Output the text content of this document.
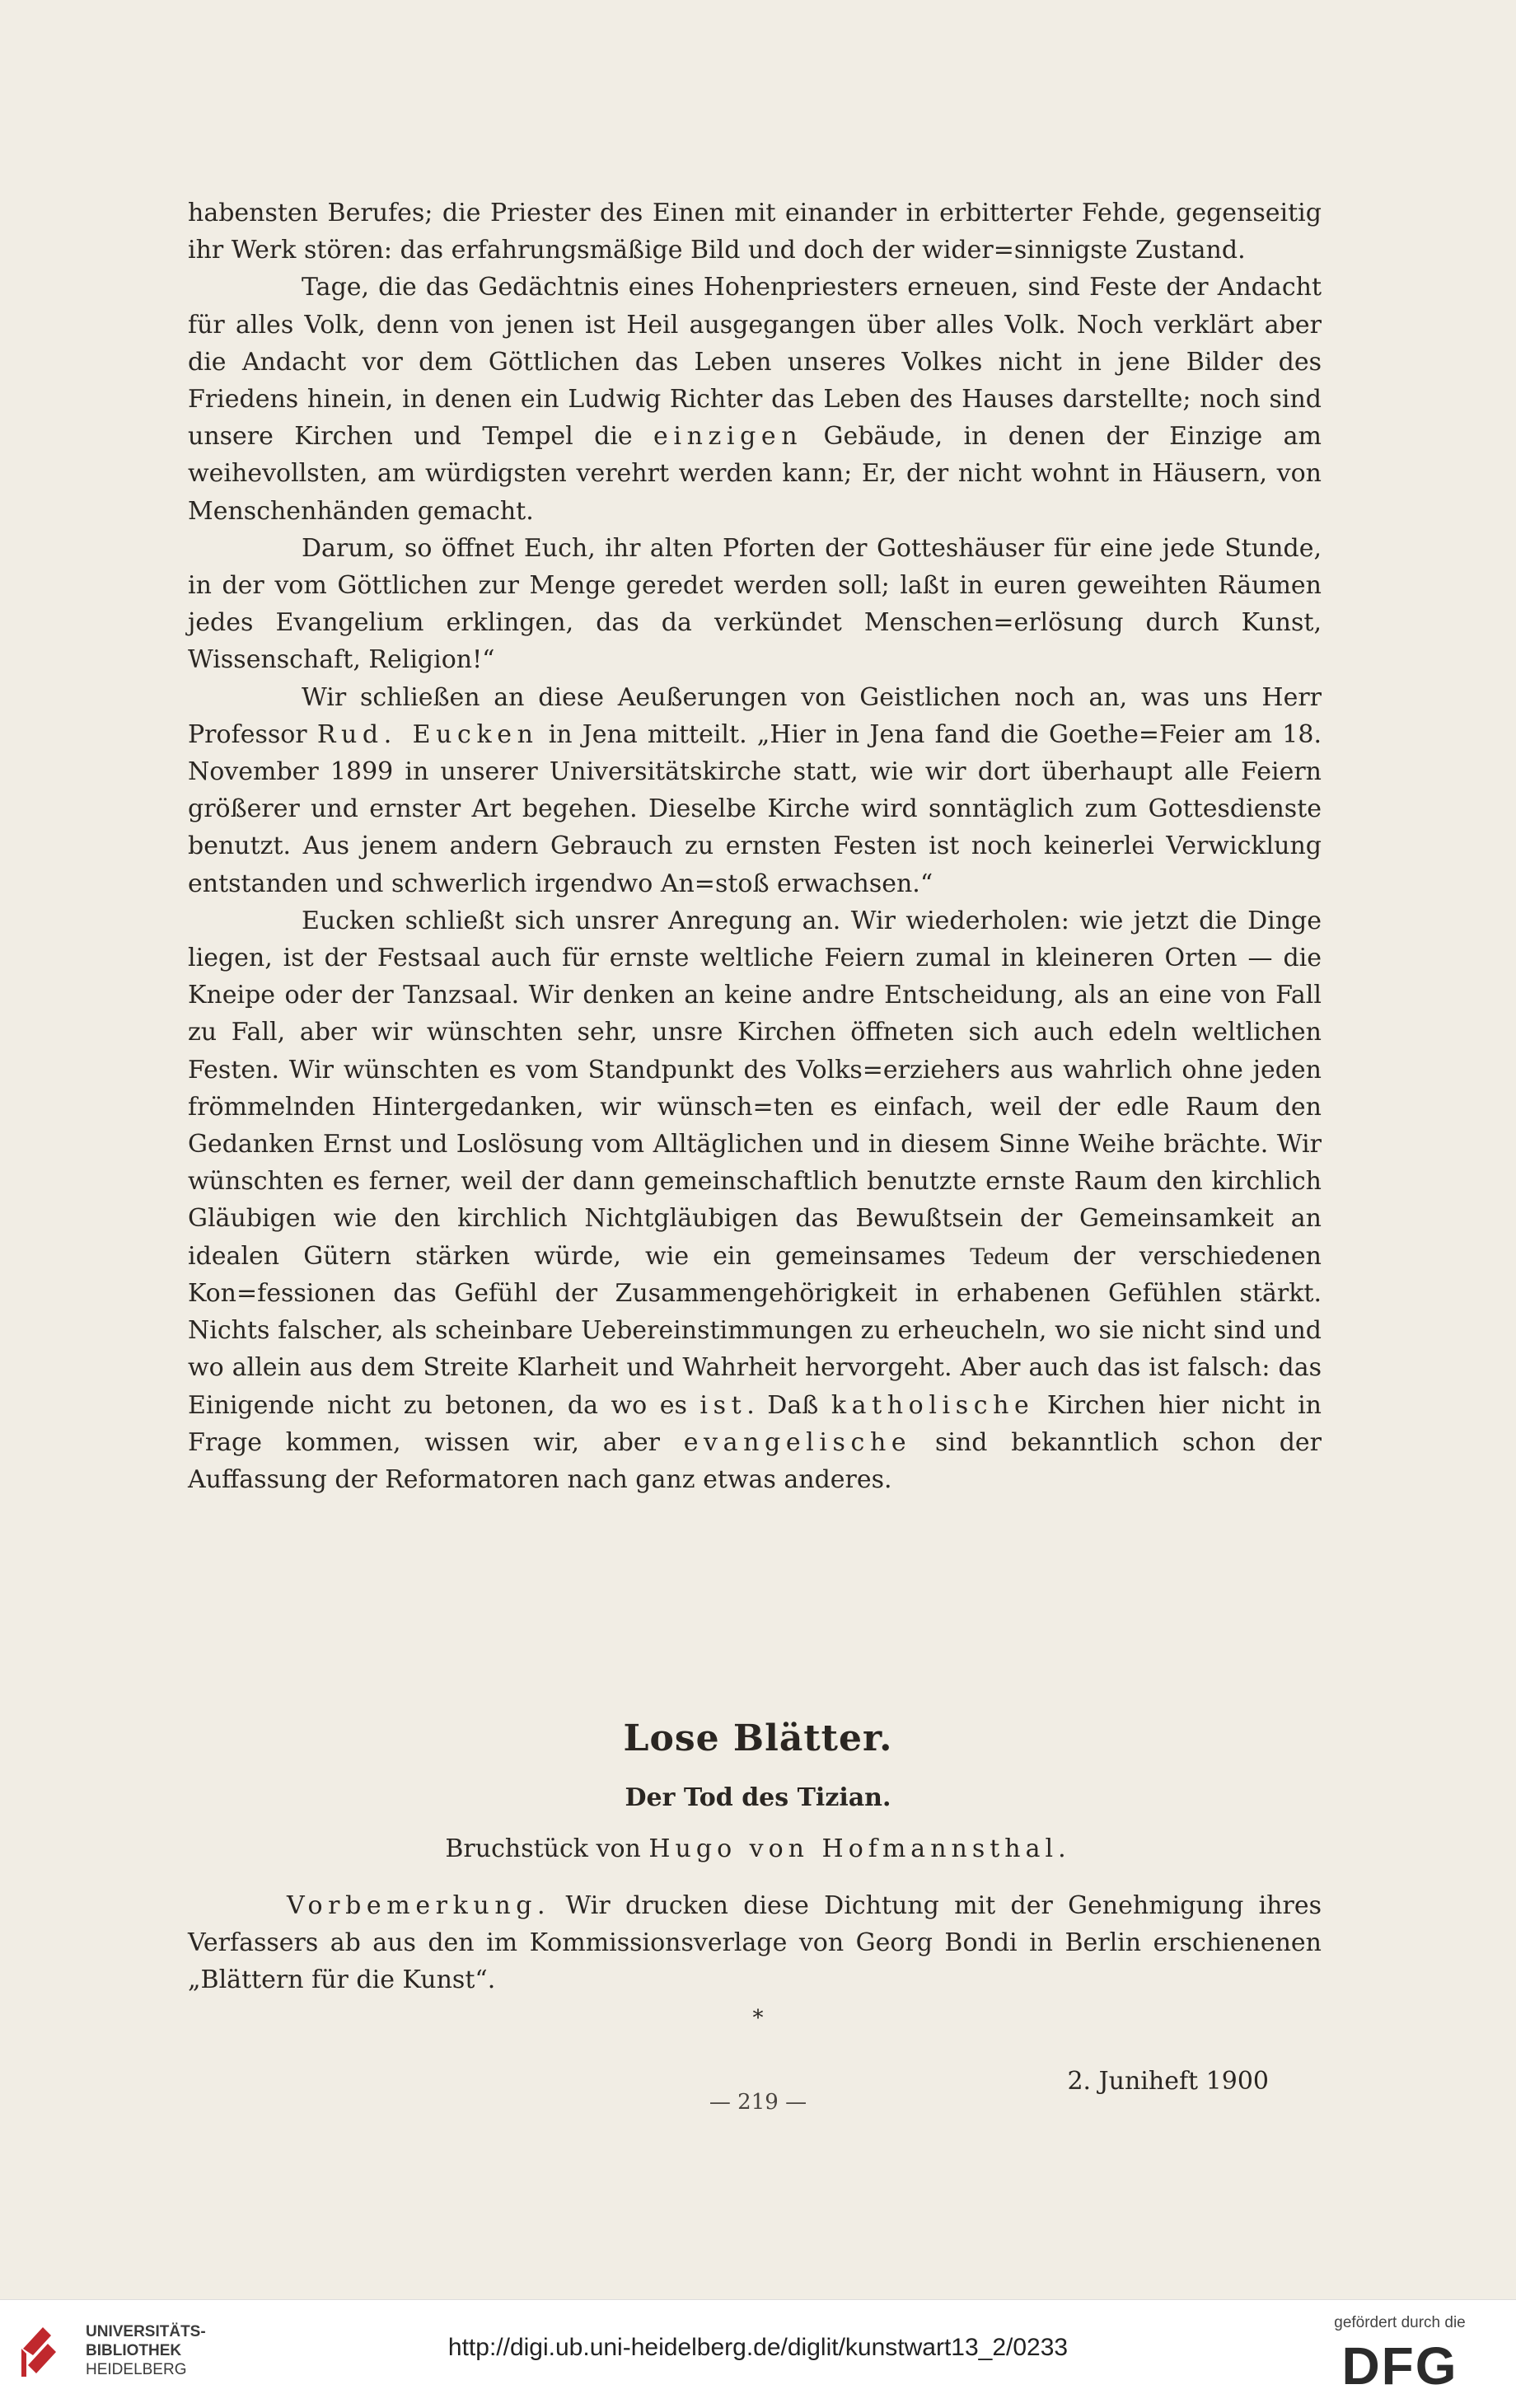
habensten Berufes; die Priester des Einen mit einander in erbitterter Fehde, gegenseitig ihr Werk stören: das erfahrungsmäßige Bild und doch der wider=sinnigste Zustand.

Tage, die das Gedächtnis eines Hohenpriesters erneuen, sind Feste der Andacht für alles Volk, denn von jenen ist Heil ausgegangen über alles Volk. Noch verklärt aber die Andacht vor dem Göttlichen das Leben unseres Volkes nicht in jene Bilder des Friedens hinein, in denen ein Ludwig Richter das Leben des Hauses darstellte; noch sind unsere Kirchen und Tempel die einzigen Gebäude, in denen der Einzige am weihevollsten, am würdigsten verehrt werden kann; Er, der nicht wohnt in Häusern, von Menschenhänden gemacht.

Darum, so öffnet Euch, ihr alten Pforten der Gotteshäuser für eine jede Stunde, in der vom Göttlichen zur Menge geredet werden soll; laßt in euren geweihten Räumen jedes Evangelium erklingen, das da verkündet Menschen=erlösung durch Kunst, Wissenschaft, Religion!“

Wir schließen an diese Aeußerungen von Geistlichen noch an, was uns Herr Professor Rud. Eucken in Jena mitteilt. „Hier in Jena fand die Goethe=Feier am 18. November 1899 in unserer Universitätskirche statt, wie wir dort überhaupt alle Feiern größerer und ernster Art begehen. Dieselbe Kirche wird sonntäglich zum Gottesdienste benutzt. Aus jenem andern Gebrauch zu ernsten Festen ist noch keinerlei Verwicklung entstanden und schwerlich irgendwo An=stoß erwachsen.“

Eucken schließt sich unsrer Anregung an. Wir wiederholen: wie jetzt die Dinge liegen, ist der Festsaal auch für ernste weltliche Feiern zumal in kleineren Orten — die Kneipe oder der Tanzsaal. Wir denken an keine andre Entscheidung, als an eine von Fall zu Fall, aber wir wünschten sehr, unsre Kirchen öffneten sich auch edeln weltlichen Festen. Wir wünschten es vom Standpunkt des Volks=erziehers aus wahrlich ohne jeden frömmelnden Hintergedanken, wir wünsch=ten es einfach, weil der edle Raum den Gedanken Ernst und Loslösung vom Alltäglichen und in diesem Sinne Weihe brächte. Wir wünschten es ferner, weil der dann gemeinschaftlich benutzte ernste Raum den kirchlich Gläubigen wie den kirchlich Nichtgläubigen das Bewußtsein der Gemeinsamkeit an idealen Gütern stärken würde, wie ein gemeinsames Tedeum der verschiedenen Kon=fessionen das Gefühl der Zusammengehörigkeit in erhabenen Gefühlen stärkt. Nichts falscher, als scheinbare Uebereinstimmungen zu erheucheln, wo sie nicht sind und wo allein aus dem Streite Klarheit und Wahrheit hervorgeht. Aber auch das ist falsch: das Einigende nicht zu betonen, da wo es ist. Daß katholische Kirchen hier nicht in Frage kommen, wissen wir, aber evangelische sind bekanntlich schon der Auffassung der Reformatoren nach ganz etwas anderes.

Lose Blätter.
Der Tod des Tizian.
Bruchstück von Hugo von Hofmannsthal.

Vorbemerkung. Wir drucken diese Dichtung mit der Genehmigung ihres Verfassers ab aus den im Kommissionsverlage von Georg Bondi in Berlin erschienenen „Blättern für die Kunst“.

*
2. Juniheft 1900
— 219 —
UNIVERSITÄTS-
BIBLIOTHEK
HEIDELBERG
http://digi.ub.uni-heidelberg.de/diglit/kunstwart13_2/0233
gefördert durch die
DFG
